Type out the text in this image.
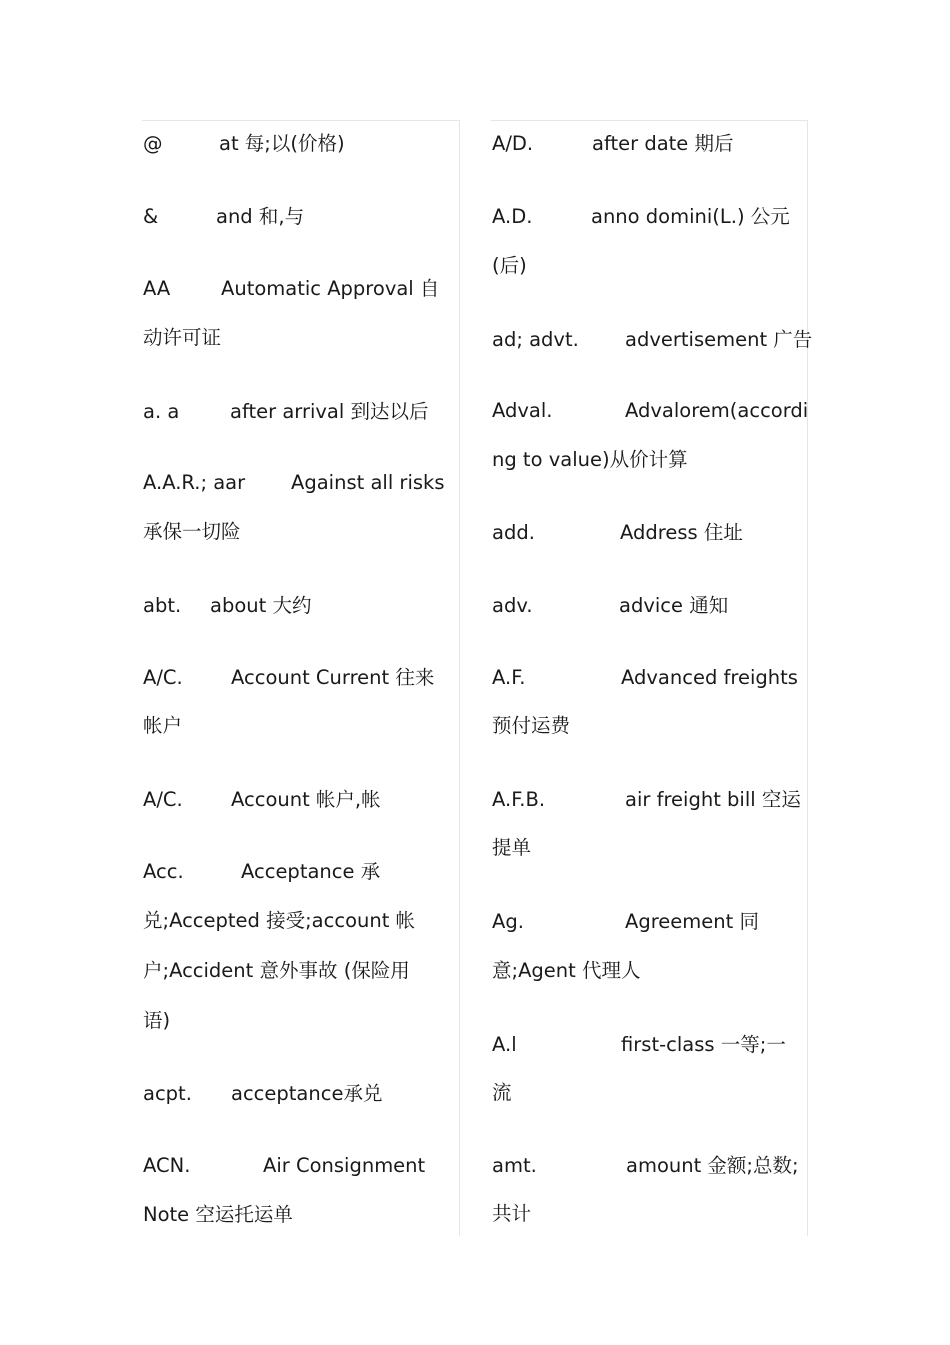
@	at 每;以(价格)
&	and 和,与
AA	Automatic Approval 自
动许可证
a. a	after arrival 到达以后
A.A.R.; aar Against all risks
承保一切险
abt. about 大约
A/C. Account Current 往来
帐户
A/C. Account 帐户,帐
Acc.	Acceptance 承
兑;Accepted 接受;account 帐
户;Accident 意外事故 (保险用
语)
acpt. acceptance承兑
ACN.	Air Consignment
Note 空运托运单
A/D.	after date 期后
A.D.	anno domini(L.) 公元
(后)
ad; advt. advertisement 广告
Adval.	Advalorem(accordi
ng to value)从价计算
add.	Address 住址
adv.	advice 通知
A.F.	Advanced freights
预付运费
A.F.B.	air freight bill 空运
提单
Ag.	Agreement 同
意;Agent 代理人
A.l	first-class 一等;一
流
amt.	amount 金额;总数;
共计
